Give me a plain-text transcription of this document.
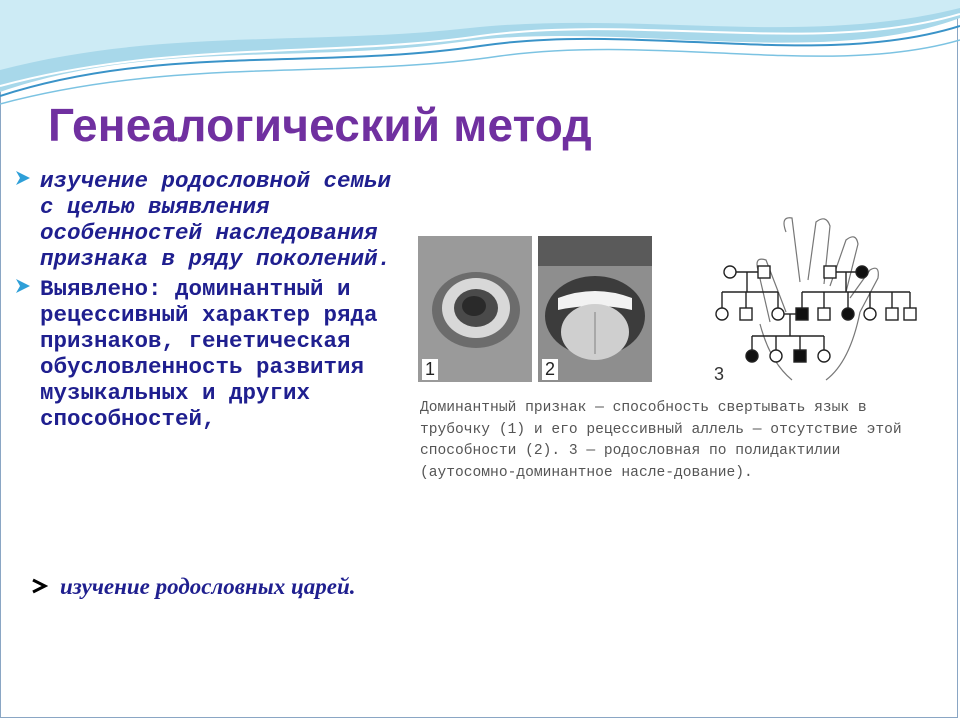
Генеалогический метод
изучение родословной семьи с целью выявления особенностей наследования признака в ряду поколений.
Выявлено: доминантный и рецессивный характер ряда признаков, генетическая обусловленность развития музыкальных и других способностей,
изучение родословных царей.
1	2	3
Доминантный признак — способность свертывать язык в трубочку (1) и его рецессивный аллель — отсутствие этой способности (2). 3 — родословная по полидактилии (аутосомно-доминантное насле-дование).
